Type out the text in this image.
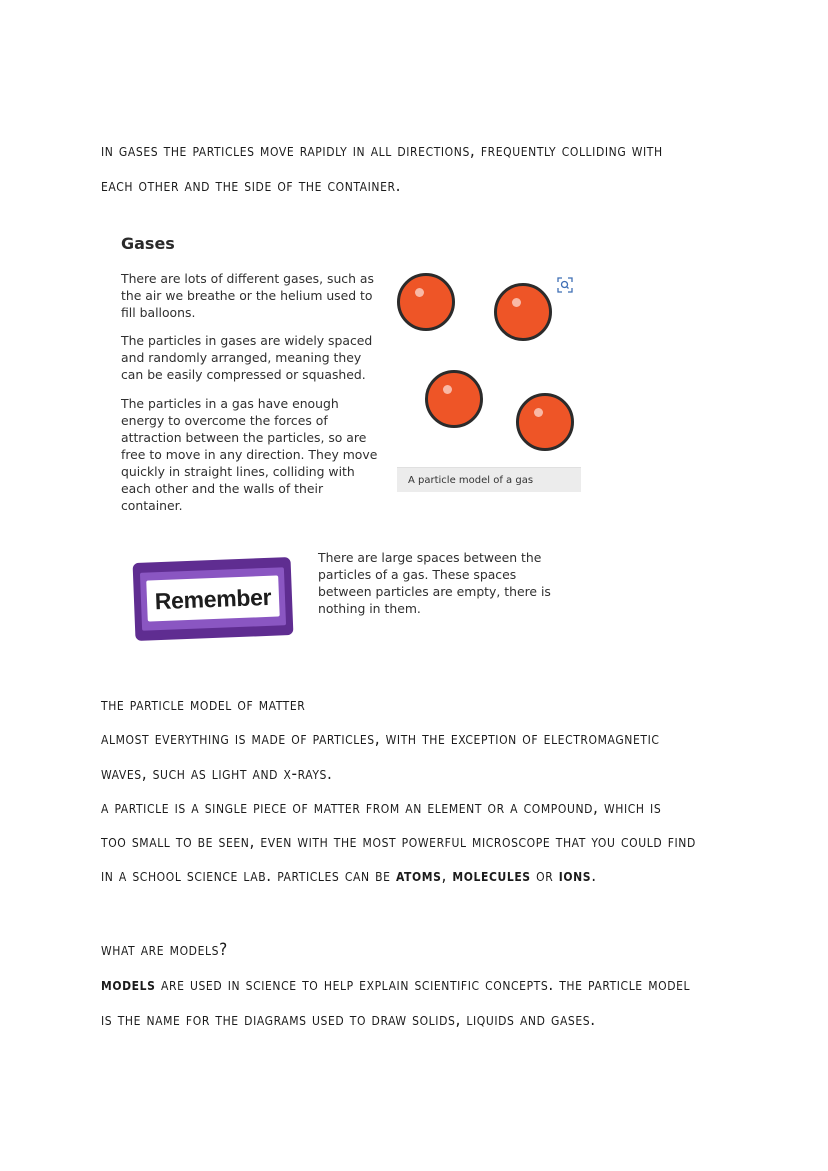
in gases the particles move rapidly in all directions, frequently colliding with
each other and the side of the container.
Gases
There are lots of different gases, such as the air we breathe or the helium used to fill balloons.
The particles in gases are widely spaced and randomly arranged, meaning they can be easily compressed or squashed.
The particles in a gas have enough energy to overcome the forces of attraction between the particles, so are free to move in any direction. They move quickly in straight lines, colliding with each other and the walls of their container.
A particle model of a gas
Remember
There are large spaces between the particles of a gas. These spaces between particles are empty, there is nothing in them.
the particle model of matter
almost everything is made of particles, with the exception of electromagnetic
waves, such as light and x-rays.
a particle is a single piece of matter from an element or a compound, which is
too small to be seen, even with the most powerful microscope that you could find
in a school science lab. particles can be atoms, molecules or ions.
what are models?
models are used in science to help explain scientific concepts. the particle model
is the name for the diagrams used to draw solids, liquids and gases.
